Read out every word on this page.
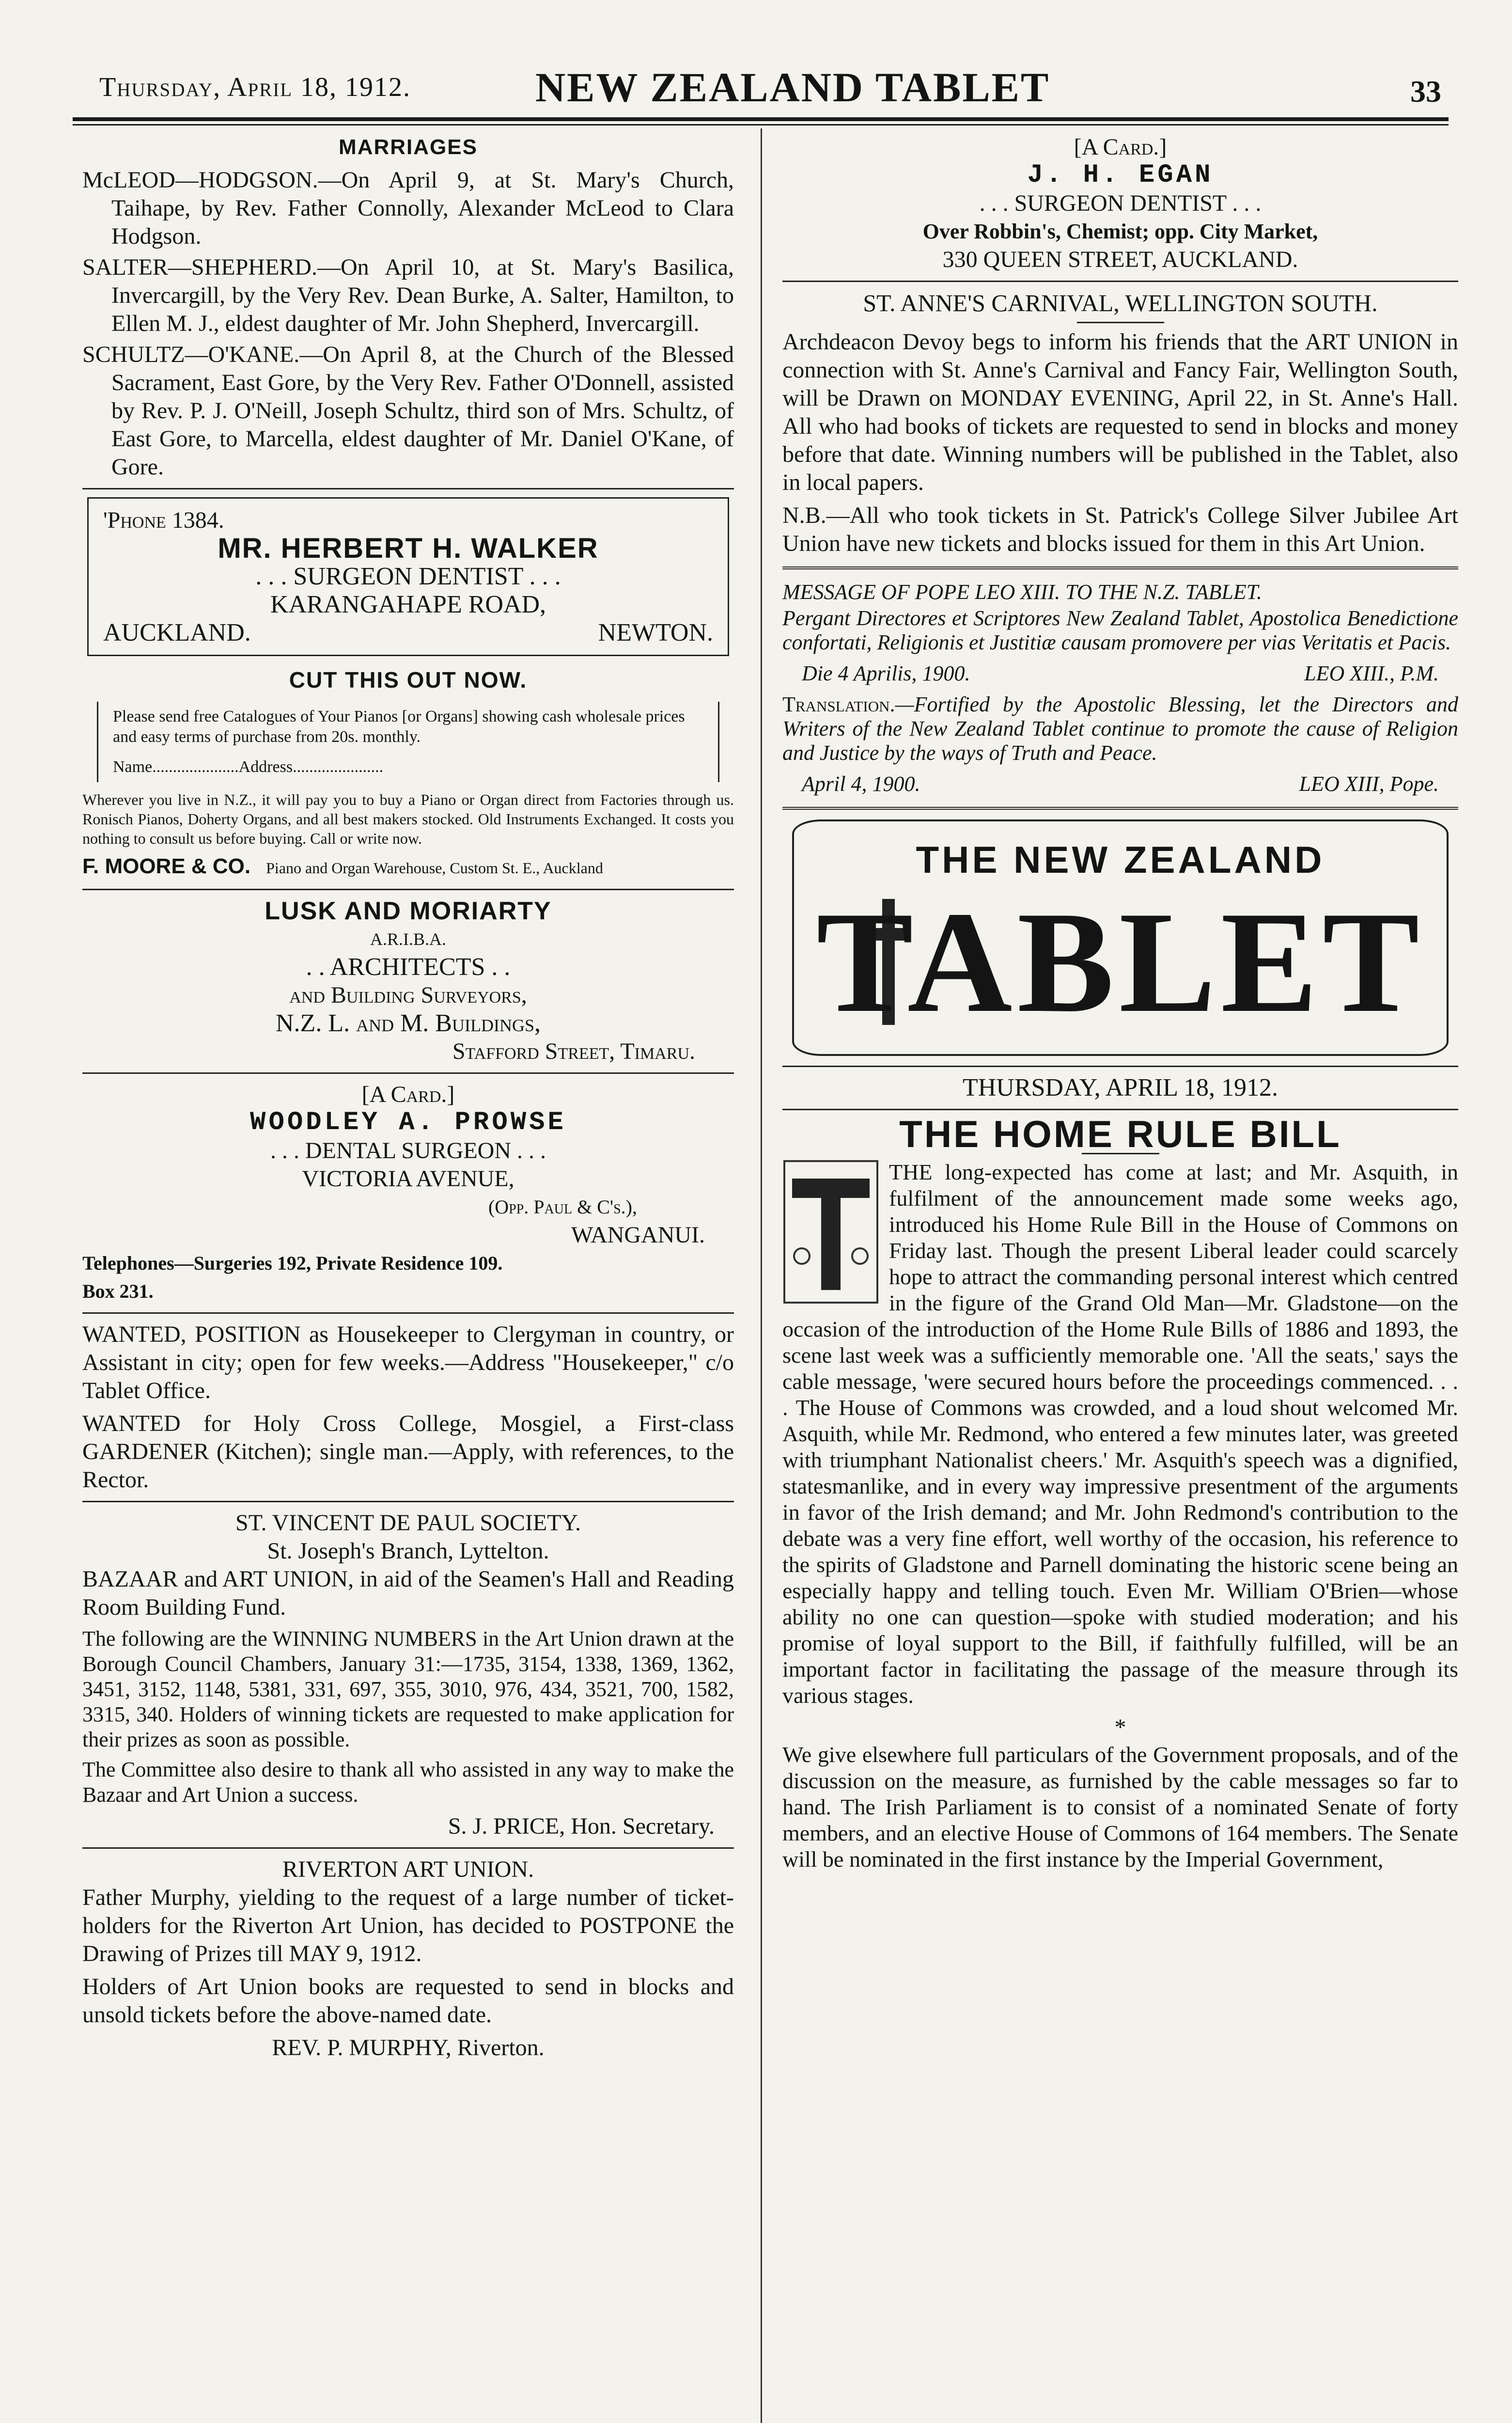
Thursday, April 18, 1912.	NEW ZEALAND TABLET	33
MARRIAGES
McLEOD—HODGSON.—On April 9, at St. Mary's Church, Taihape, by Rev. Father Connolly, Alexander McLeod to Clara Hodgson.
SALTER—SHEPHERD.—On April 10, at St. Mary's Basilica, Invercargill, by the Very Rev. Dean Burke, A. Salter, Hamilton, to Ellen M. J., eldest daughter of Mr. John Shepherd, Invercargill.
SCHULTZ—O'KANE.—On April 8, at the Church of the Blessed Sacrament, East Gore, by the Very Rev. Father O'Donnell, assisted by Rev. P. J. O'Neill, Joseph Schultz, third son of Mrs. Schultz, of East Gore, to Marcella, eldest daughter of Mr. Daniel O'Kane, of Gore.
'Phone 1384.
MR. HERBERT H. WALKER
. . . SURGEON DENTIST . . .
KARANGAHAPE ROAD,
AUCKLAND.	NEWTON.
CUT THIS OUT NOW.
Please send free Catalogues of Your Pianos [or Organs] showing cash wholesale prices and easy terms of purchase from 20s. monthly.
Name.....................Address......................
Wherever you live in N.Z., it will pay you to buy a Piano or Organ direct from Factories through us. Ronisch Pianos, Doherty Organs, and all best makers stocked. Old Instruments Exchanged. It costs you nothing to consult us before buying. Call or write now.
F. MOORE & CO. Piano and Organ Warehouse, Custom St. E., Auckland
LUSK AND MORIARTY
A.R.I.B.A.
. . ARCHITECTS . .
and Building Surveyors,
N.Z. L. and M. Buildings,
Stafford Street, Timaru.
[A Card.]
WOODLEY A. PROWSE
. . . DENTAL SURGEON . . .
VICTORIA AVENUE,
(Opp. Paul & C's.),
WANGANUI.
Telephones—Surgeries 192, Private Residence 109.
Box 231.

WANTED, POSITION as Housekeeper to Clergyman in country, or Assistant in city; open for few weeks.—Address "Housekeeper," c/o Tablet Office.

WANTED for Holy Cross College, Mosgiel, a First-class GARDENER (Kitchen); single man.—Apply, with references, to the Rector.

ST. VINCENT DE PAUL SOCIETY.
St. Joseph's Branch, Lyttelton.

BAZAAR and ART UNION, in aid of the Seamen's Hall and Reading Room Building Fund.

The following are the WINNING NUMBERS in the Art Union drawn at the Borough Council Chambers, January 31:—1735, 3154, 1338, 1369, 1362, 3451, 3152, 1148, 5381, 331, 697, 355, 3010, 976, 434, 3521, 700, 1582, 3315, 340. Holders of winning tickets are requested to make application for their prizes as soon as possible.

The Committee also desire to thank all who assisted in any way to make the Bazaar and Art Union a success.

S. J. PRICE, Hon. Secretary.
RIVERTON ART UNION.

Father Murphy, yielding to the request of a large number of ticket-holders for the Riverton Art Union, has decided to POSTPONE the Drawing of Prizes till MAY 9, 1912.

Holders of Art Union books are requested to send in blocks and unsold tickets before the above-named date.

REV. P. MURPHY, Riverton.
[A Card.]
J. H. EGAN
. . . SURGEON DENTIST . . .
Over Robbin's, Chemist; opp. City Market,
330 QUEEN STREET, AUCKLAND.
ST. ANNE'S CARNIVAL, WELLINGTON SOUTH.

Archdeacon Devoy begs to inform his friends that the ART UNION in connection with St. Anne's Carnival and Fancy Fair, Wellington South, will be Drawn on MONDAY EVENING, April 22, in St. Anne's Hall. All who had books of tickets are requested to send in blocks and money before that date. Winning numbers will be published in the Tablet, also in local papers.

N.B.—All who took tickets in St. Patrick's College Silver Jubilee Art Union have new tickets and blocks issued for them in this Art Union.

MESSAGE OF POPE LEO XIII. TO THE N.Z. TABLET.

Pergant Directores et Scriptores New Zealand Tablet, Apostolica Benedictione confortati, Religionis et Justitiæ causam promovere per vias Veritatis et Pacis.

Die 4 Aprilis, 1900.	LEO XIII., P.M.

Translation.—Fortified by the Apostolic Blessing, let the Directors and Writers of the New Zealand Tablet continue to promote the cause of Religion and Justice by the ways of Truth and Peace.

April 4, 1900.	LEO XIII, Pope.
THE NEW ZEALAND
TABLET
THURSDAY, APRIL 18, 1912.
THE HOME RULE BILL

THE long-expected has come at last; and Mr. Asquith, in fulfilment of the announcement made some weeks ago, introduced his Home Rule Bill in the House of Commons on Friday last. Though the present Liberal leader could scarcely hope to attract the commanding personal interest which centred in the figure of the Grand Old Man—Mr. Gladstone—on the occasion of the introduction of the Home Rule Bills of 1886 and 1893, the scene last week was a sufficiently memorable one. 'All the seats,' says the cable message, 'were secured hours before the proceedings commenced. . . . The House of Commons was crowded, and a loud shout welcomed Mr. Asquith, while Mr. Redmond, who entered a few minutes later, was greeted with triumphant Nationalist cheers.' Mr. Asquith's speech was a dignified, statesmanlike, and in every way impressive presentment of the arguments in favor of the Irish demand; and Mr. John Redmond's contribution to the debate was a very fine effort, well worthy of the occasion, his reference to the spirits of Gladstone and Parnell dominating the historic scene being an especially happy and telling touch. Even Mr. William O'Brien—whose ability no one can question—spoke with studied moderation; and his promise of loyal support to the Bill, if faithfully fulfilled, will be an important factor in facilitating the passage of the measure through its various stages.

*

We give elsewhere full particulars of the Government proposals, and of the discussion on the measure, as furnished by the cable messages so far to hand. The Irish Parliament is to consist of a nominated Senate of forty members, and an elective House of Commons of 164 members. The Senate will be nominated in the first instance by the Imperial Government,
